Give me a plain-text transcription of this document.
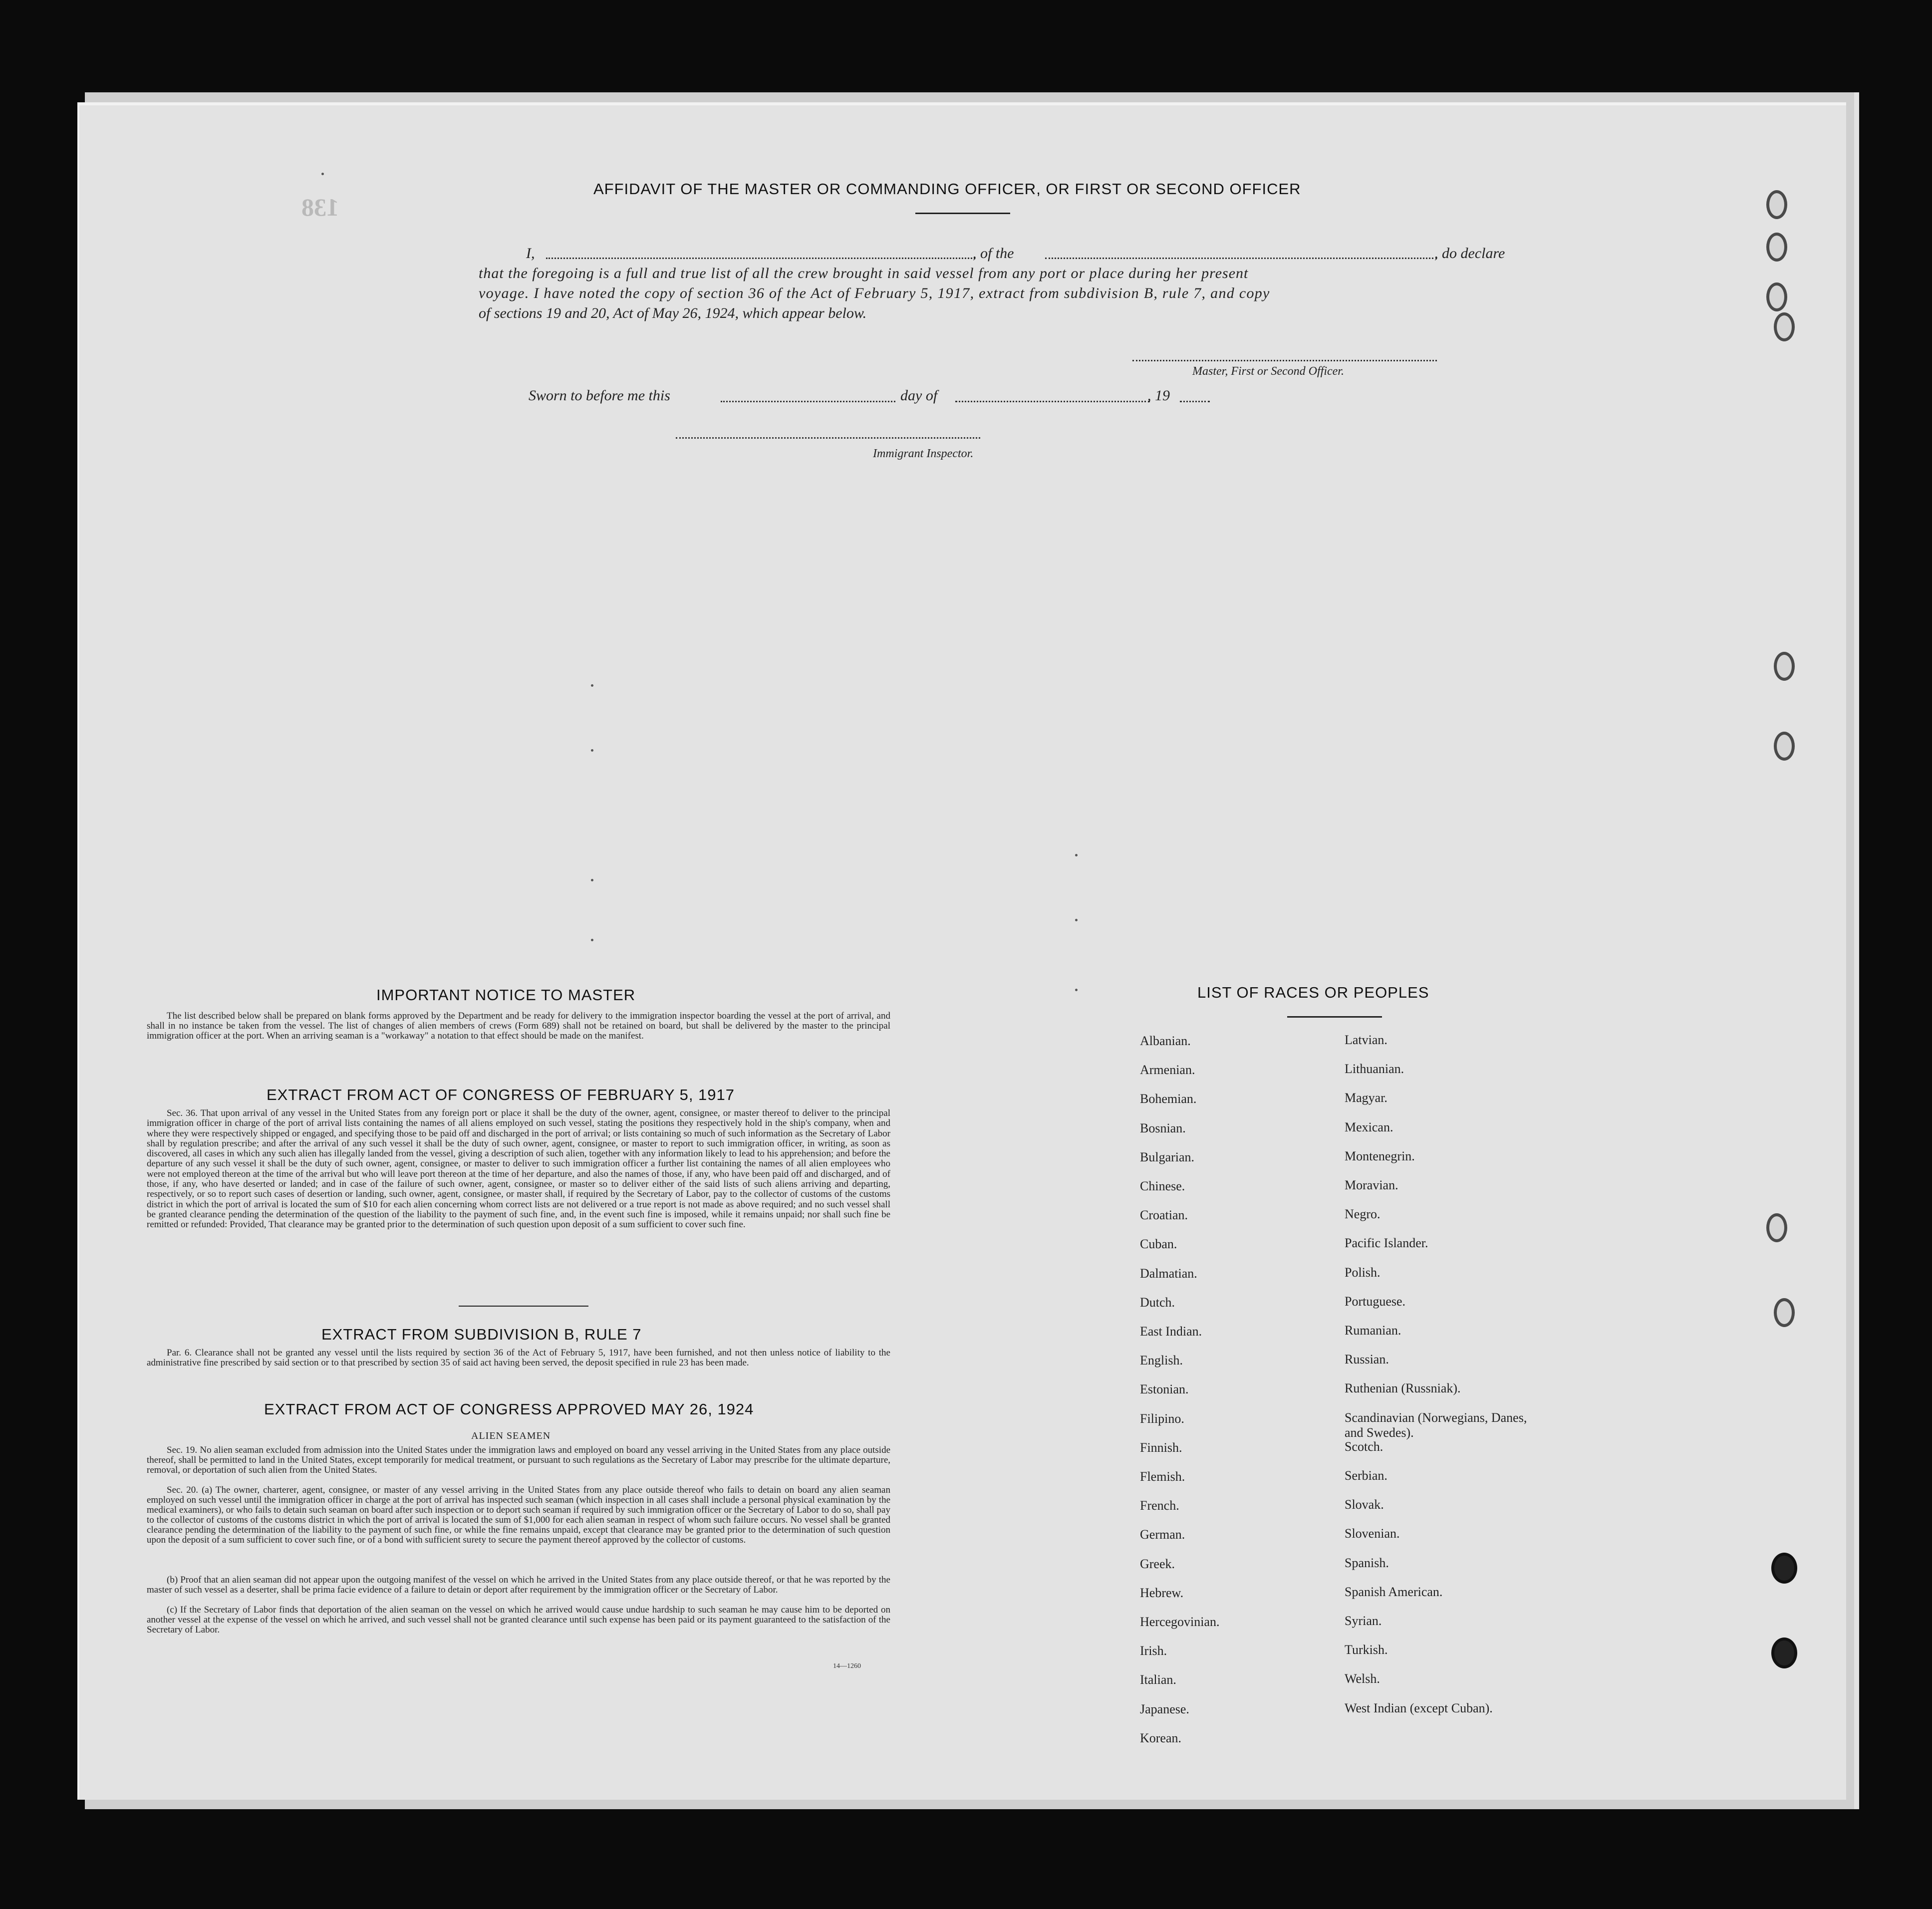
138
AFFIDAVIT OF THE MASTER OR COMMANDING OFFICER, OR FIRST OR SECOND OFFICER
I,	, of the	, do declare
that the foregoing is a full and true list of all the crew brought in said vessel from any port or place during her present
voyage. I have noted the copy of section 36 of the Act of February 5, 1917, extract from subdivision B, rule 7, and copy
of sections 19 and 20, Act of May 26, 1924, which appear below.
Master, First or Second Officer.
Sworn to before me this	day of	, 19
Immigrant Inspector.
IMPORTANT NOTICE TO MASTER
The list described below shall be prepared on blank forms approved by the Department and be ready for delivery to the immigration inspector boarding the vessel at the port of arrival, and shall in no instance be taken from the vessel. The list of changes of alien members of crews (Form 689) shall not be retained on board, but shall be delivered by the master to the principal immigration officer at the port. When an arriving seaman is a "workaway" a notation to that effect should be made on the manifest.
EXTRACT FROM ACT OF CONGRESS OF FEBRUARY 5, 1917
Sec. 36. That upon arrival of any vessel in the United States from any foreign port or place it shall be the duty of the owner, agent, consignee, or master thereof to deliver to the principal immigration officer in charge of the port of arrival lists containing the names of all aliens employed on such vessel, stating the positions they respectively hold in the ship's company, when and where they were respectively shipped or engaged, and specifying those to be paid off and discharged in the port of arrival; or lists containing so much of such information as the Secretary of Labor shall by regulation prescribe; and after the arrival of any such vessel it shall be the duty of such owner, agent, consignee, or master to report to such immigration officer, in writing, as soon as discovered, all cases in which any such alien has illegally landed from the vessel, giving a description of such alien, together with any information likely to lead to his apprehension; and before the departure of any such vessel it shall be the duty of such owner, agent, consignee, or master to deliver to such immigration officer a further list containing the names of all alien employees who were not employed thereon at the time of the arrival but who will leave port thereon at the time of her departure, and also the names of those, if any, who have been paid off and discharged, and of those, if any, who have deserted or landed; and in case of the failure of such owner, agent, consignee, or master so to deliver either of the said lists of such aliens arriving and departing, respectively, or so to report such cases of desertion or landing, such owner, agent, consignee, or master shall, if required by the Secretary of Labor, pay to the collector of customs of the customs district in which the port of arrival is located the sum of $10 for each alien concerning whom correct lists are not delivered or a true report is not made as above required; and no such vessel shall be granted clearance pending the determination of the question of the liability to the payment of such fine, and, in the event such fine is imposed, while it remains unpaid; nor shall such fine be remitted or refunded: Provided, That clearance may be granted prior to the determination of such question upon deposit of a sum sufficient to cover such fine.
EXTRACT FROM SUBDIVISION B, RULE 7
Par. 6. Clearance shall not be granted any vessel until the lists required by section 36 of the Act of February 5, 1917, have been furnished, and not then unless notice of liability to the administrative fine prescribed by said section or to that prescribed by section 35 of said act having been served, the deposit specified in rule 23 has been made.
EXTRACT FROM ACT OF CONGRESS APPROVED MAY 26, 1924
ALIEN SEAMEN
Sec. 19. No alien seaman excluded from admission into the United States under the immigration laws and employed on board any vessel arriving in the United States from any place outside thereof, shall be permitted to land in the United States, except temporarily for medical treatment, or pursuant to such regulations as the Secretary of Labor may prescribe for the ultimate departure, removal, or deportation of such alien from the United States.
Sec. 20. (a) The owner, charterer, agent, consignee, or master of any vessel arriving in the United States from any place outside thereof who fails to detain on board any alien seaman employed on such vessel until the immigration officer in charge at the port of arrival has inspected such seaman (which inspection in all cases shall include a personal physical examination by the medical examiners), or who fails to detain such seaman on board after such inspection or to deport such seaman if required by such immigration officer or the Secretary of Labor to do so, shall pay to the collector of customs of the customs district in which the port of arrival is located the sum of $1,000 for each alien seaman in respect of whom such failure occurs. No vessel shall be granted clearance pending the determination of the liability to the payment of such fine, or while the fine remains unpaid, except that clearance may be granted prior to the determination of such question upon the deposit of a sum sufficient to cover such fine, or of a bond with sufficient surety to secure the payment thereof approved by the collector of customs.
(b) Proof that an alien seaman did not appear upon the outgoing manifest of the vessel on which he arrived in the United States from any place outside thereof, or that he was reported by the master of such vessel as a deserter, shall be prima facie evidence of a failure to detain or deport after requirement by the immigration officer or the Secretary of Labor.
(c) If the Secretary of Labor finds that deportation of the alien seaman on the vessel on which he arrived would cause undue hardship to such seaman he may cause him to be deported on another vessel at the expense of the vessel on which he arrived, and such vessel shall not be granted clearance until such expense has been paid or its payment guaranteed to the satisfaction of the Secretary of Labor.
14—1260
LIST OF RACES OR PEOPLES
Albanian.
Armenian.
Bohemian.
Bosnian.
Bulgarian.
Chinese.
Croatian.
Cuban.
Dalmatian.
Dutch.
East Indian.
English.
Estonian.
Filipino.
Finnish.
Flemish.
French.
German.
Greek.
Hebrew.
Hercegovinian.
Irish.
Italian.
Japanese.
Korean.
Latvian.
Lithuanian.
Magyar.
Mexican.
Montenegrin.
Moravian.
Negro.
Pacific Islander.
Polish.
Portuguese.
Rumanian.
Russian.
Ruthenian (Russniak).
Scandinavian (Norwegians, Danes, and Swedes).
Scotch.
Serbian.
Slovak.
Slovenian.
Spanish.
Spanish American.
Syrian.
Turkish.
Welsh.
West Indian (except Cuban).
